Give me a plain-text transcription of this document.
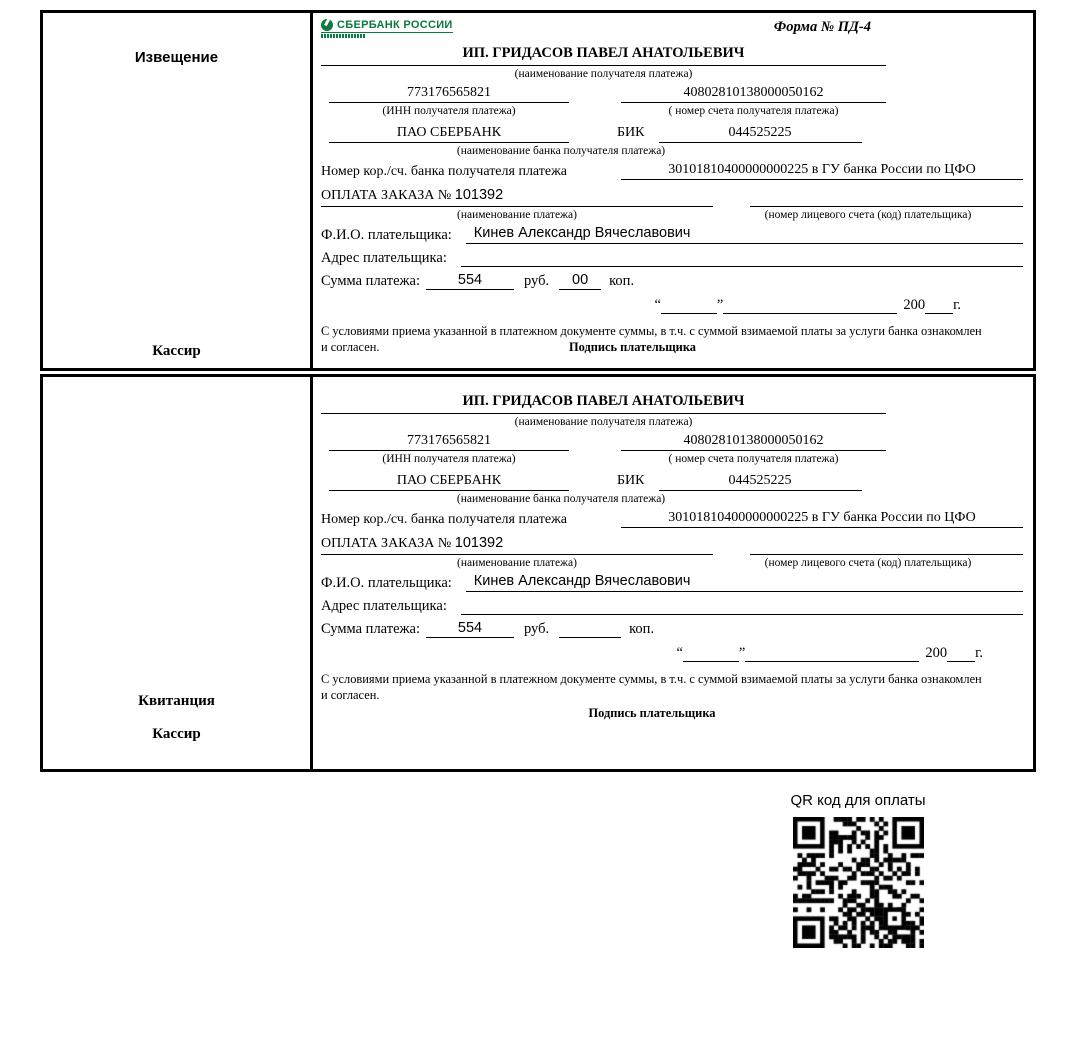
Извещение
Кассир
СБЕРБАНК РОССИИ	Форма № ПД-4
ИП. ГРИДАСОВ ПАВЕЛ АНАТОЛЬЕВИЧ
(наименование получателя платежа)
773176565821	40802810138000050162
(ИНН получателя платежа)	( номер счета получателя платежа)
ПАО СБЕРБАНК	БИК	044525225
(наименование банка получателя платежа)
Номер кор./сч. банка получателя платежа	30101810400000000225 в ГУ банка России по ЦФО
ОПЛАТА ЗАКАЗА № 101392
(наименование платежа)	(номер лицевого счета (код) плательщика)
Ф.И.О. плательщика:	Кинев Александр Вячеславович
Адрес плательщика:
Сумма платежа:	554	руб.	00	коп.
“	”	200 г.
С условиями приема указанной в платежном документе суммы, в т.ч. с суммой взимаемой платы за услуги банка ознакомлен и согласен.	Подпись плательщика
Квитанция
Кассир
ИП. ГРИДАСОВ ПАВЕЛ АНАТОЛЬЕВИЧ
(наименование получателя платежа)
773176565821	40802810138000050162
(ИНН получателя платежа)	( номер счета получателя платежа)
ПАО СБЕРБАНК	БИК	044525225
(наименование банка получателя платежа)
Номер кор./сч. банка получателя платежа	30101810400000000225 в ГУ банка России по ЦФО
ОПЛАТА ЗАКАЗА № 101392
(наименование платежа)	(номер лицевого счета (код) плательщика)
Ф.И.О. плательщика:	Кинев Александр Вячеславович
Адрес плательщика:
Сумма платежа:	554	руб.	коп.
“	”	200 г.
С условиями приема указанной в платежном документе суммы, в т.ч. с суммой взимаемой платы за услуги банка ознакомлен и согласен.
Подпись плательщика
QR код для оплаты
